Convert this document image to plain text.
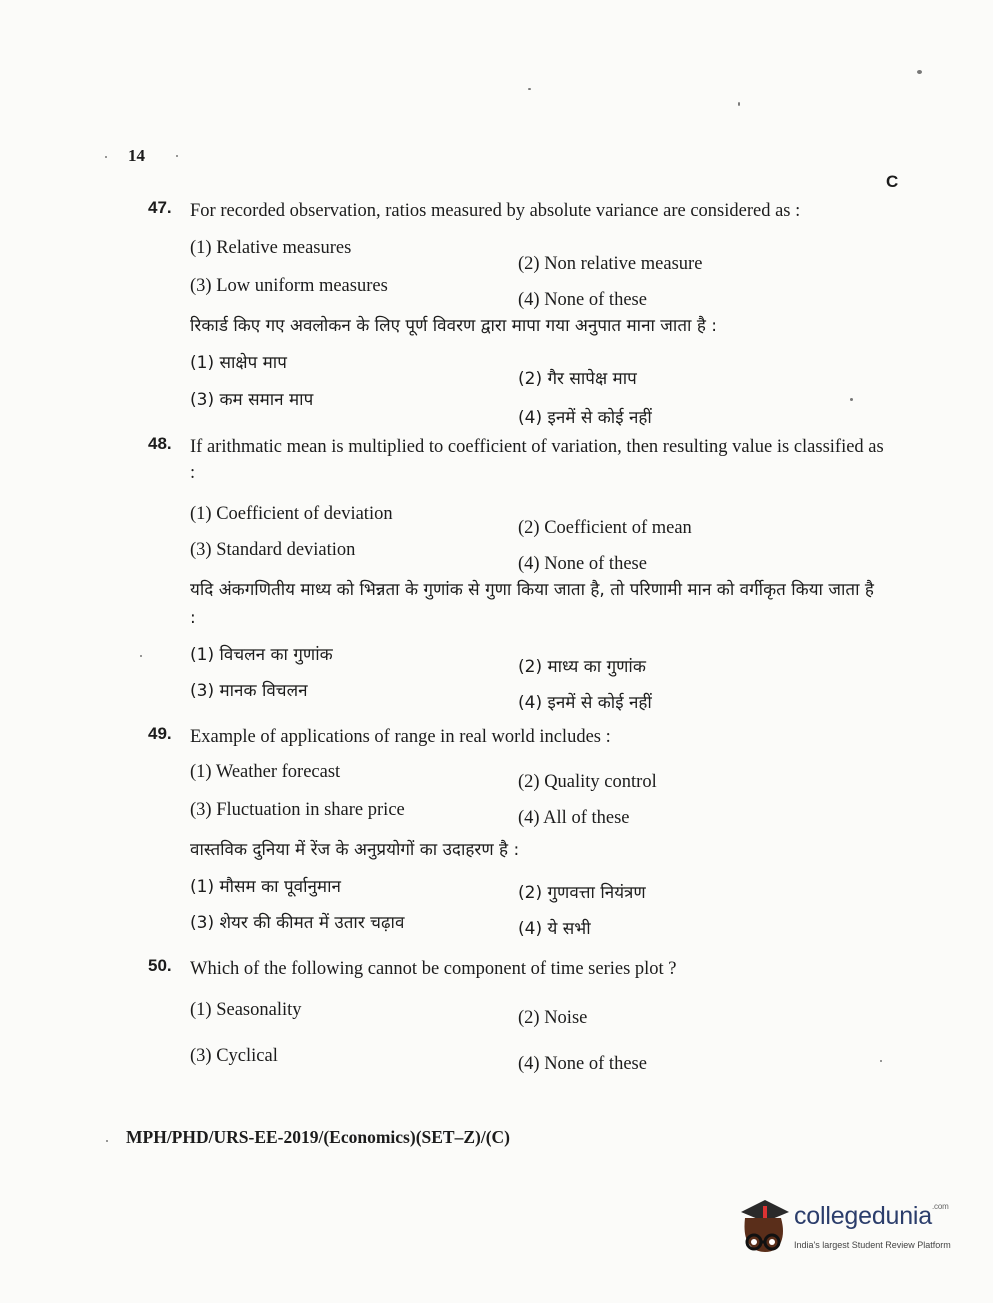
14
C
47. For recorded observation, ratios measured by absolute variance are considered as :
(1) Relative measures
(2) Non relative measure
(3) Low uniform measures
(4) None of these
रिकार्ड किए गए अवलोकन के लिए पूर्ण विवरण द्वारा मापा गया अनुपात माना जाता है :
(1) साक्षेप माप
(2) गैर सापेक्ष माप
(3) कम समान माप
(4) इनमें से कोई नहीं
48. If arithmatic mean is multiplied to coefficient of variation, then resulting value is classified as :
(1) Coefficient of deviation
(2) Coefficient of mean
(3) Standard deviation
(4) None of these
यदि अंकगणितीय माध्य को भिन्नता के गुणांक से गुणा किया जाता है, तो परिणामी मान को वर्गीकृत किया जाता है :
(1) विचलन का गुणांक
(2) माध्य का गुणांक
(3) मानक विचलन
(4) इनमें से कोई नहीं
49. Example of applications of range in real world includes :
(1) Weather forecast	(2) Quality control
(3) Fluctuation in share price	(4) All of these
वास्तविक दुनिया में रेंज के अनुप्रयोगों का उदाहरण है :
(1) मौसम का पूर्वानुमान	(2) गुणवत्ता नियंत्रण
(3) शेयर की कीमत में उतार चढ़ाव	(4) ये सभी
50. Which of the following cannot be component of time series plot ?
(1) Seasonality	(2) Noise
(3) Cyclical	(4) None of these
MPH/PHD/URS-EE-2019/(Economics)(SET–Z)/(C)
collegedunia$^{.com}$
India's largest Student Review Platform
